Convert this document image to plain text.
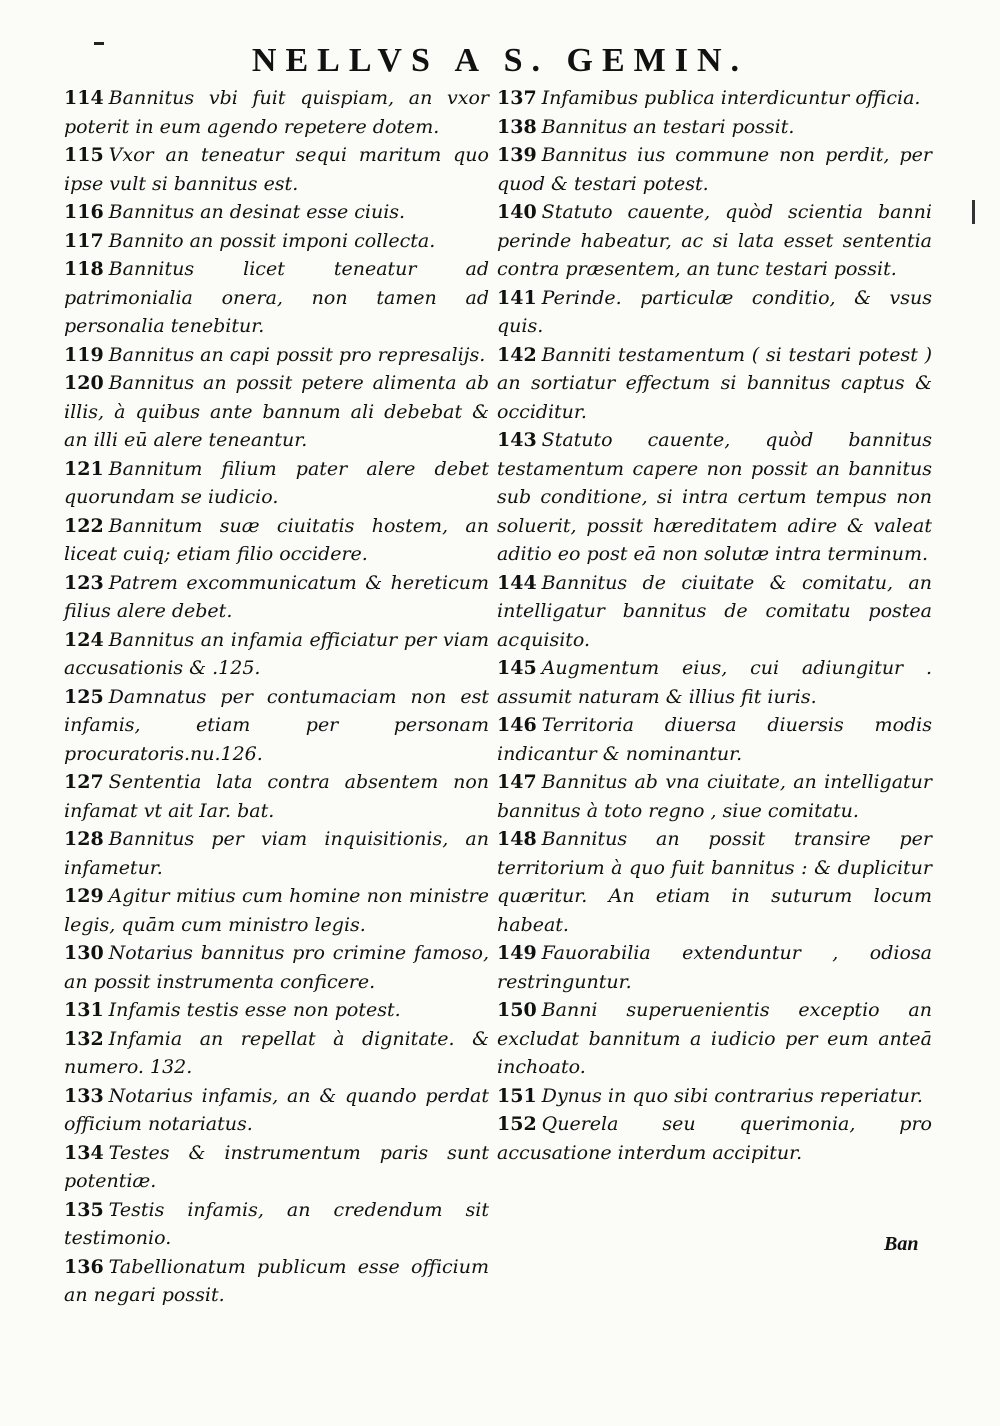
NELLVS A S. GEMIN.
114 Bannitus vbi fuit quispiam, an vxor poterit in eum agendo repetere dotem.
115 Vxor an teneatur sequi maritum quo ipse vult si bannitus est.
116 Bannitus an desinat esse ciuis.
117 Bannito an possit imponi collecta.
118 Bannitus licet teneatur ad patrimonialia onera, non tamen ad personalia tenebitur.
119 Bannitus an capi possit pro represalijs.
120 Bannitus an possit petere alimenta ab illis, à quibus ante bannum ali debebat & an illi eū alere teneantur.
121 Bannitum filium pater alere debet quorundam se iudicio.
122 Bannitum suæ ciuitatis hostem, an liceat cuiq; etiam filio occidere.
123 Patrem excommunicatum & hereticum filius alere debet.
124 Bannitus an infamia efficiatur per viam accusationis & .125.
125 Damnatus per contumaciam non est infamis, etiam per personam procuratoris.nu.126.
127 Sententia lata contra absentem non infamat vt ait Iar. bat.
128 Bannitus per viam inquisitionis, an infametur.
129 Agitur mitius cum homine non ministre legis, quām cum ministro legis.
130 Notarius bannitus pro crimine famoso, an possit instrumenta conficere.
131 Infamis testis esse non potest.
132 Infamia an repellat à dignitate. & numero. 132.
133 Notarius infamis, an & quando perdat officium notariatus.
134 Testes & instrumentum paris sunt potentiæ.
135 Testis infamis, an credendum sit testimonio.
136 Tabellionatum publicum esse officium an negari possit.
137 Infamibus publica interdicuntur officia.
138 Bannitus an testari possit.
139 Bannitus ius commune non perdit, per quod & testari potest.
140 Statuto cauente, quòd scientia banni perinde habeatur, ac si lata esset sententia contra præsentem, an tunc testari possit.
141 Perinde. particulæ conditio, & vsus quis.
142 Banniti testamentum ( si testari potest ) an sortiatur effectum si bannitus captus & occiditur.
143 Statuto cauente, quòd bannitus testamentum capere non possit an bannitus sub conditione, si intra certum tempus non soluerit, possit hæreditatem adire & valeat aditio eo post eā non solutæ intra terminum.
144 Bannitus de ciuitate & comitatu, an intelligatur bannitus de comitatu postea acquisito.
145 Augmentum eius, cui adiungitur . assumit naturam & illius fit iuris.
146 Territoria diuersa diuersis modis indicantur & nominantur.
147 Bannitus ab vna ciuitate, an intelligatur bannitus à toto regno , siue comitatu.
148 Bannitus an possit transire per territorium à quo fuit bannitus : & duplicitur quæritur. An etiam in suturum locum habeat.
149 Fauorabilia extenduntur , odiosa restringuntur.
150 Banni superuenientis exceptio an excludat bannitum a iudicio per eum anteā inchoato.
151 Dynus in quo sibi contrarius reperiatur.
152 Querela seu querimonia, pro accusatione interdum accipitur.
Ban
